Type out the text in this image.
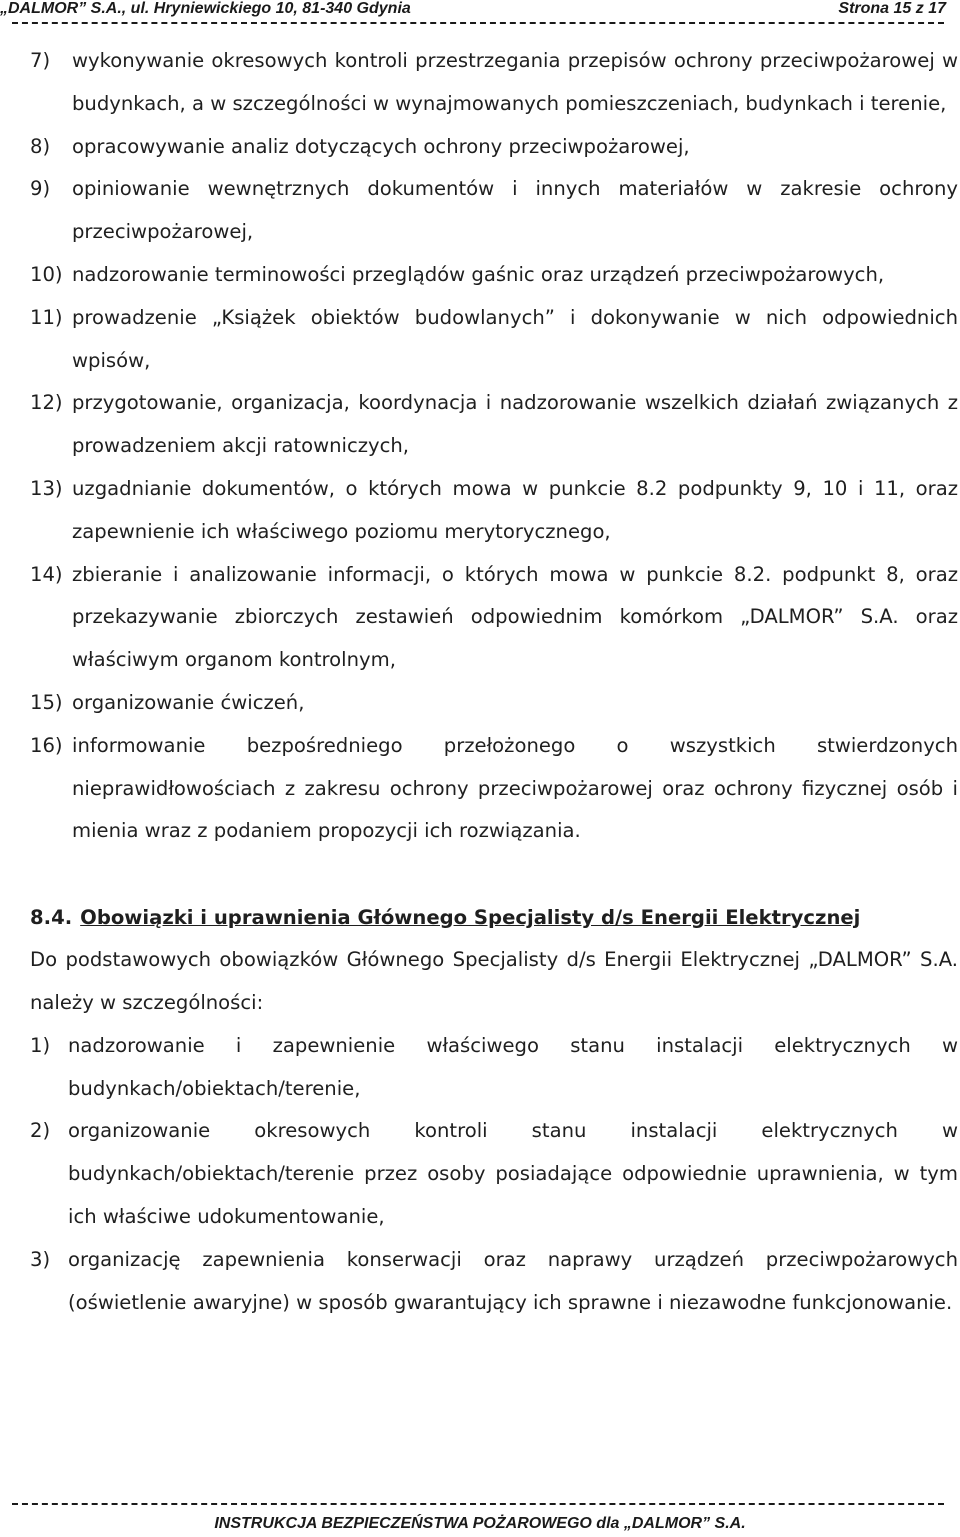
„DALMOR” S.A., ul. Hryniewickiego 10, 81-340 Gdynia	Strona 15 z 17
7) wykonywanie okresowych kontroli przestrzegania przepisów ochrony przeciwpożarowej w budynkach, a w szczególności w wynajmowanych pomieszczeniach, budynkach i terenie,
8) opracowywanie analiz dotyczących ochrony przeciwpożarowej,
9) opiniowanie wewnętrznych dokumentów i innych materiałów w zakresie ochrony przeciwpożarowej,
10) nadzorowanie terminowości przeglądów gaśnic oraz urządzeń przeciwpożarowych,
11) prowadzenie „Książek obiektów budowlanych” i dokonywanie w nich odpowiednich wpisów,
12) przygotowanie, organizacja, koordynacja i nadzorowanie wszelkich działań związanych z prowadzeniem akcji ratowniczych,
13) uzgadnianie dokumentów, o których mowa w punkcie 8.2 podpunkty 9, 10 i 11, oraz zapewnienie ich właściwego poziomu merytorycznego,
14) zbieranie i analizowanie informacji, o których mowa w punkcie 8.2. podpunkt 8, oraz przekazywanie zbiorczych zestawień odpowiednim komórkom „DALMOR” S.A. oraz właściwym organom kontrolnym,
15) organizowanie ćwiczeń,
16) informowanie bezpośredniego przełożonego o wszystkich stwierdzonych nieprawidłowościach z zakresu ochrony przeciwpożarowej oraz ochrony fizycznej osób i mienia wraz z podaniem propozycji ich rozwiązania.
8.4. Obowiązki i uprawnienia Głównego Specjalisty d/s Energii Elektrycznej
Do podstawowych obowiązków Głównego Specjalisty d/s Energii Elektrycznej „DALMOR” S.A. należy w szczególności:
1) nadzorowanie i zapewnienie właściwego stanu instalacji elektrycznych w budynkach/obiektach/terenie,
2) organizowanie okresowych kontroli stanu instalacji elektrycznych w budynkach/obiektach/terenie przez osoby posiadające odpowiednie uprawnienia, w tym ich właściwe udokumentowanie,
3) organizację zapewnienia konserwacji oraz naprawy urządzeń przeciwpożarowych (oświetlenie awaryjne) w sposób gwarantujący ich sprawne i niezawodne funkcjonowanie.
INSTRUKCJA BEZPIECZEŃSTWA POŻAROWEGO dla „DALMOR” S.A.
